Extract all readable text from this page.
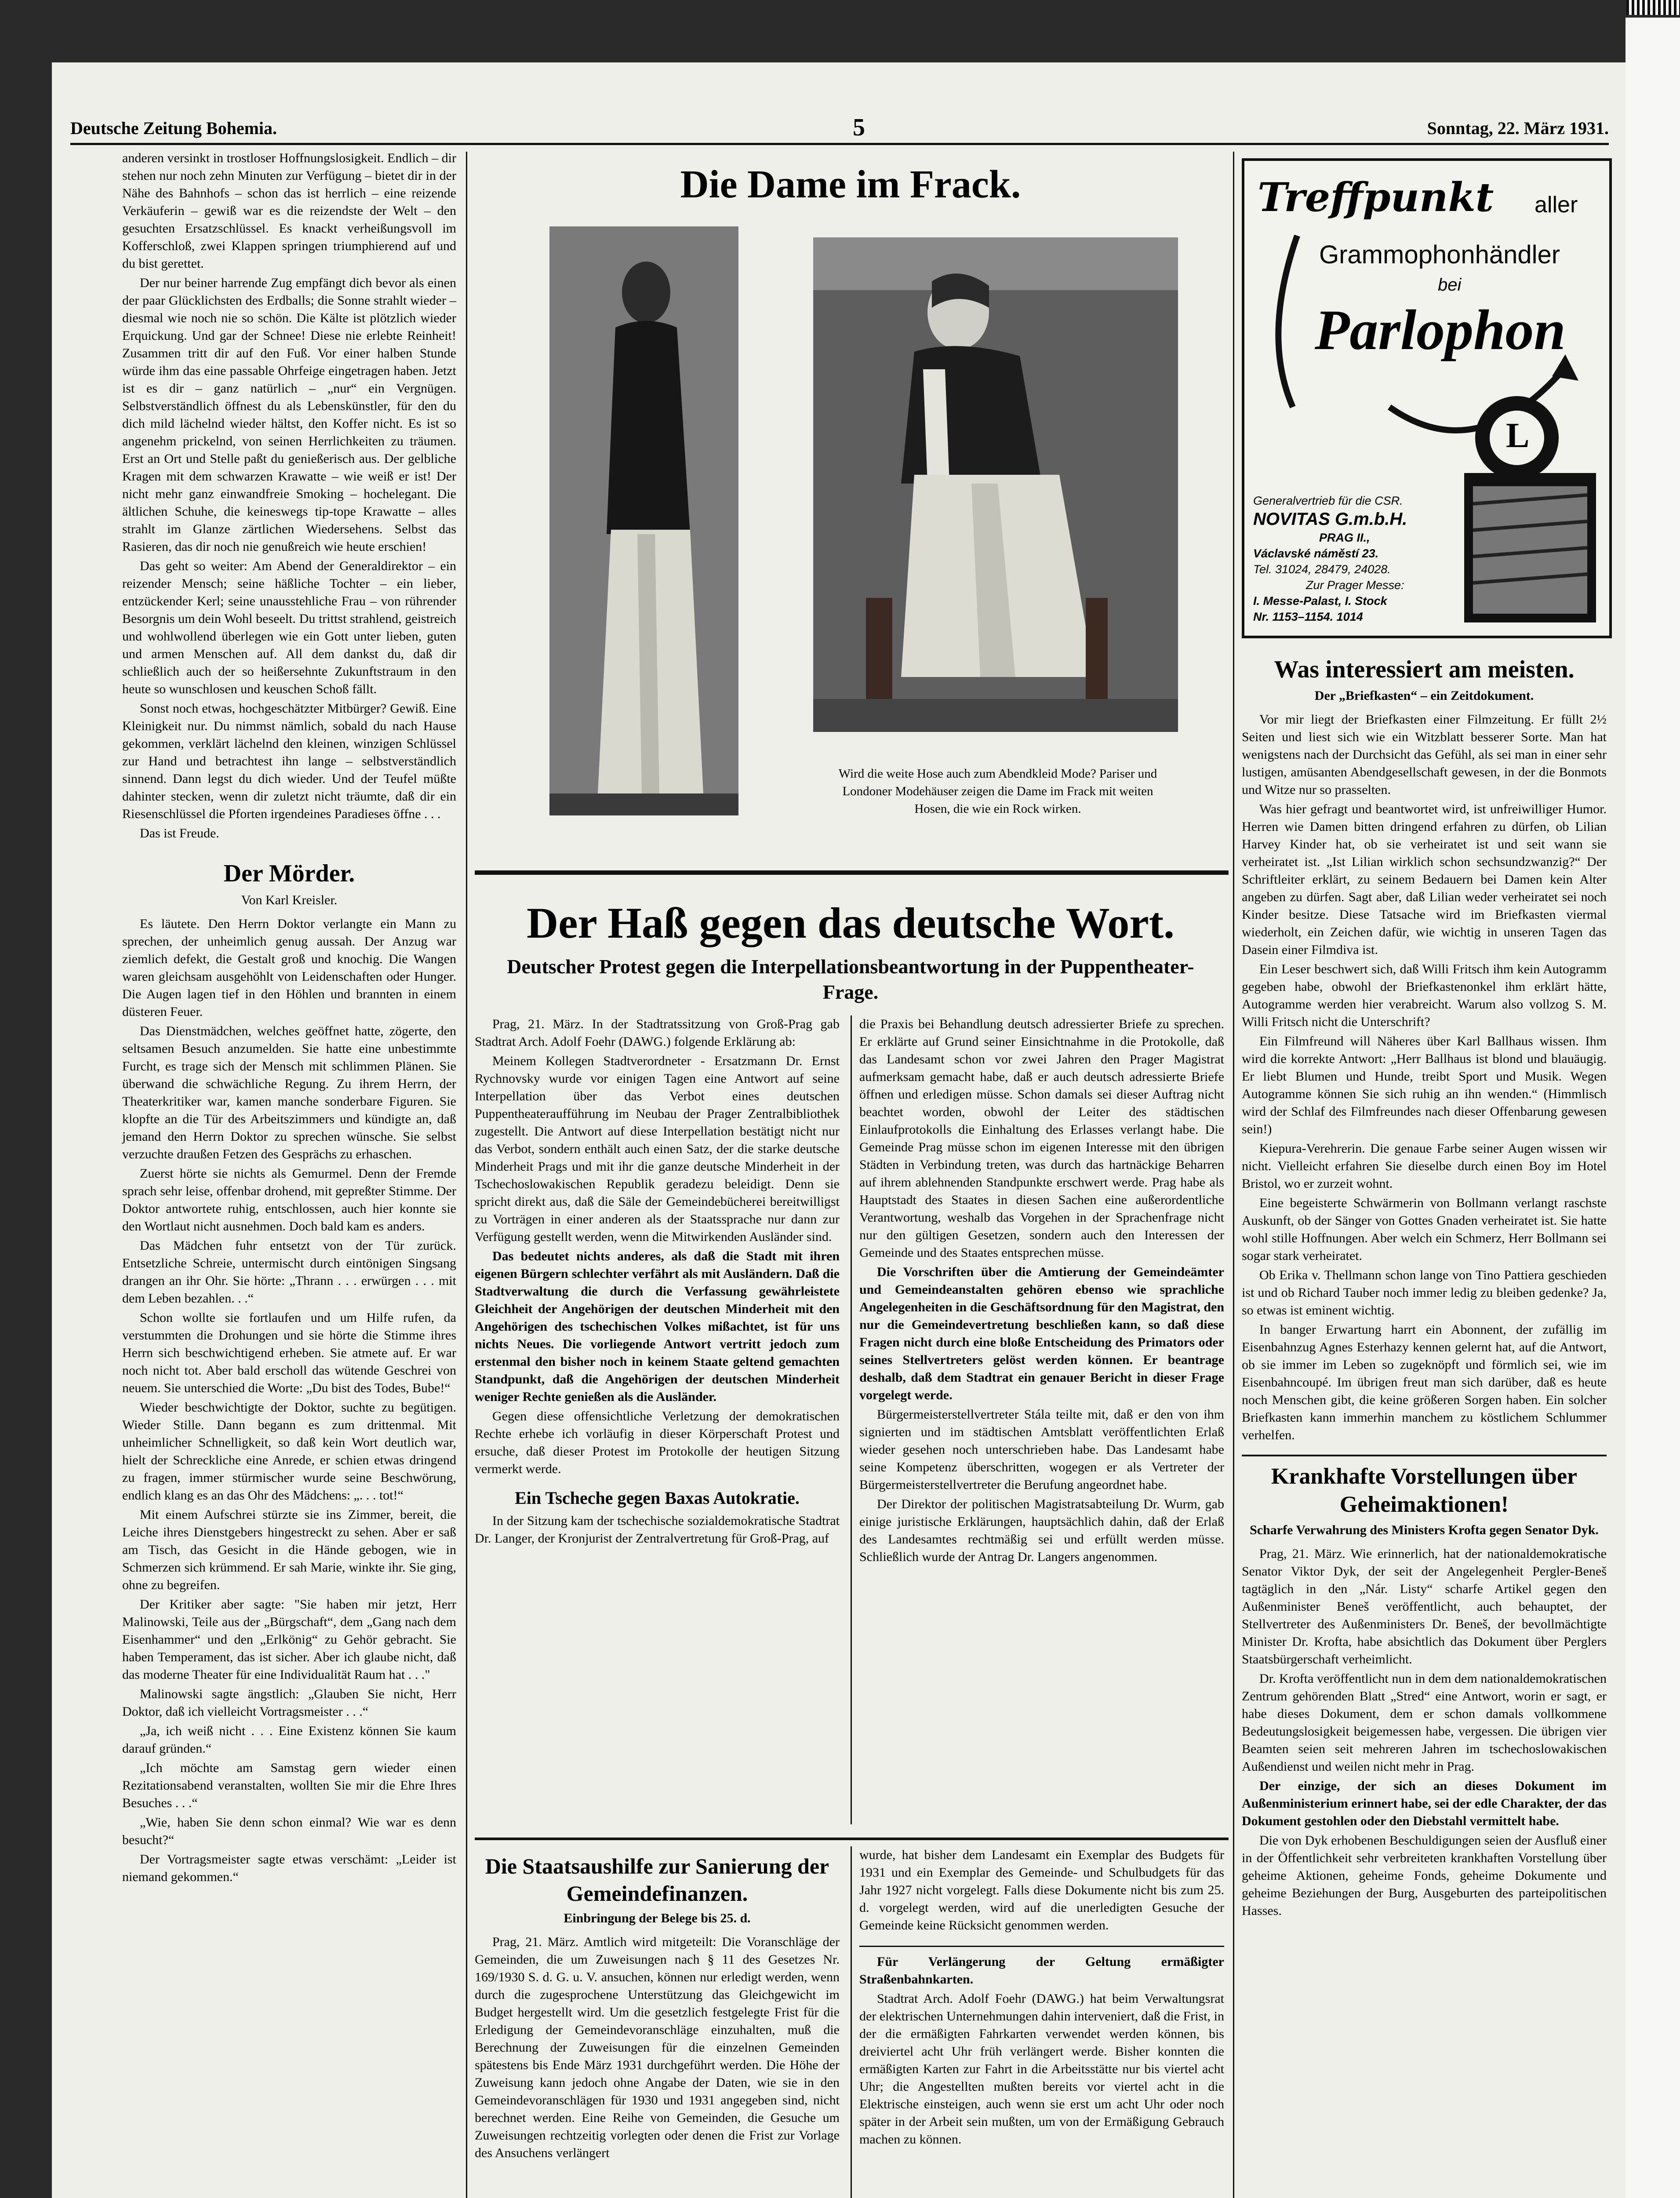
Deutsche Zeitung Bohemia.	5	Sonntag, 22. März 1931.

anderen versinkt in trostloser Hoffnungslosigkeit. Endlich – dir stehen nur noch zehn Minuten zur Verfügung – bietet dir in der Nähe des Bahnhofs – schon das ist herrlich – eine reizende Verkäuferin – gewiß war es die reizendste der Welt – den gesuchten Ersatzschlüssel. Es knackt verheißungsvoll im Kofferschloß, zwei Klappen springen triumphierend auf und du bist gerettet.

Der nur beiner harrende Zug empfängt dich bevor als einen der paar Glücklichsten des Erdballs; die Sonne strahlt wieder – diesmal wie noch nie so schön. Die Kälte ist plötzlich wieder Erquickung. Und gar der Schnee! Diese nie erlebte Reinheit! Zusammen tritt dir auf den Fuß. Vor einer halben Stunde würde ihm das eine passable Ohrfeige eingetragen haben. Jetzt ist es dir – ganz natürlich – „nur“ ein Vergnügen. Selbstverständlich öffnest du als Lebenskünstler, für den du dich mild lächelnd wieder hältst, den Koffer nicht. Es ist so angenehm prickelnd, von seinen Herrlichkeiten zu träumen. Erst an Ort und Stelle paßt du genießerisch aus. Der gelbliche Kragen mit dem schwarzen Krawatte – wie weiß er ist! Der nicht mehr ganz einwandfreie Smoking – hochelegant. Die ältlichen Schuhe, die keineswegs tip-tope Krawatte – alles strahlt im Glanze zärtlichen Wiedersehens. Selbst das Rasieren, das dir noch nie genußreich wie heute erschien!

Das geht so weiter: Am Abend der Generaldirektor – ein reizender Mensch; seine häßliche Tochter – ein lieber, entzückender Kerl; seine unausstehliche Frau – von rührender Besorgnis um dein Wohl beseelt. Du trittst strahlend, geistreich und wohlwollend überlegen wie ein Gott unter lieben, guten und armen Menschen auf. All dem dankst du, daß dir schließlich auch der so heißersehnte Zukunftstraum in den heute so wunschlosen und keuschen Schoß fällt.

Sonst noch etwas, hochgeschätzter Mitbürger? Gewiß. Eine Kleinigkeit nur. Du nimmst nämlich, sobald du nach Hause gekommen, verklärt lächelnd den kleinen, winzigen Schlüssel zur Hand und betrachtest ihn lange – selbstverständlich sinnend. Dann legst du dich wieder. Und der Teufel müßte dahinter stecken, wenn dir zuletzt nicht träumte, daß dir ein Riesenschlüssel die Pforten irgendeines Paradieses öffne . . .

Das ist Freude.

Der Mörder.
Von Karl Kreisler.

Es läutete. Den Herrn Doktor verlangte ein Mann zu sprechen, der unheimlich genug aussah. Der Anzug war ziemlich defekt, die Gestalt groß und knochig. Die Wangen waren gleichsam ausgehöhlt von Leidenschaften oder Hunger. Die Augen lagen tief in den Höhlen und brannten in einem düsteren Feuer.

Das Dienstmädchen, welches geöffnet hatte, zögerte, den seltsamen Besuch anzumelden. Sie hatte eine unbestimmte Furcht, es trage sich der Mensch mit schlimmen Plänen. Sie überwand die schwächliche Regung. Zu ihrem Herrn, der Theaterkritiker war, kamen manche sonderbare Figuren. Sie klopfte an die Tür des Arbeitszimmers und kündigte an, daß jemand den Herrn Doktor zu sprechen wünsche. Sie selbst verzuchte draußen Fetzen des Gesprächs zu erhaschen.

Zuerst hörte sie nichts als Gemurmel. Denn der Fremde sprach sehr leise, offenbar drohend, mit gepreßter Stimme. Der Doktor antwortete ruhig, entschlossen, auch hier konnte sie den Wortlaut nicht ausnehmen. Doch bald kam es anders.

Das Mädchen fuhr entsetzt von der Tür zurück. Entsetzliche Schreie, untermischt durch eintönigen Singsang drangen an ihr Ohr. Sie hörte: „Thrann . . . erwürgen . . . mit dem Leben bezahlen. . .“

Schon wollte sie fortlaufen und um Hilfe rufen, da verstummten die Drohungen und sie hörte die Stimme ihres Herrn sich beschwichtigend erheben. Sie atmete auf. Er war noch nicht tot. Aber bald erscholl das wütende Geschrei von neuem. Sie unterschied die Worte: „Du bist des Todes, Bube!“

Wieder beschwichtigte der Doktor, suchte zu begütigen. Wieder Stille. Dann begann es zum drittenmal. Mit unheimlicher Schnelligkeit, so daß kein Wort deutlich war, hielt der Schreckliche eine Anrede, er schien etwas dringend zu fragen, immer stürmischer wurde seine Beschwörung, endlich klang es an das Ohr des Mädchens: „. . . tot!“

Mit einem Aufschrei stürzte sie ins Zimmer, bereit, die Leiche ihres Dienstgebers hingestreckt zu sehen. Aber er saß am Tisch, das Gesicht in die Hände gebogen, wie in Schmerzen sich krümmend. Er sah Marie, winkte ihr. Sie ging, ohne zu begreifen.

Der Kritiker aber sagte: "Sie haben mir jetzt, Herr Malinowski, Teile aus der „Bürgschaft“, dem „Gang nach dem Eisenhammer“ und den „Erlkönig“ zu Gehör gebracht. Sie haben Temperament, das ist sicher. Aber ich glaube nicht, daß das moderne Theater für eine Individualität Raum hat . . ."

Malinowski sagte ängstlich: „Glauben Sie nicht, Herr Doktor, daß ich vielleicht Vortragsmeister . . .“

„Ja, ich weiß nicht . . . Eine Existenz können Sie kaum darauf gründen.“

„Ich möchte am Samstag gern wieder einen Rezitationsabend veranstalten, wollten Sie mir die Ehre Ihres Besuches . . .“

„Wie, haben Sie denn schon einmal? Wie war es denn besucht?“

Der Vortragsmeister sagte etwas verschämt: „Leider ist niemand gekommen.“

Die Dame im Frack.
Wird die weite Hose auch zum Abendkleid Mode? Pariser und Londoner Modehäuser zeigen die Dame im Frack mit weiten Hosen, die wie ein Rock wirken.
Der Haß gegen das deutsche Wort.
Deutscher Protest gegen die Interpellationsbeantwortung in der Puppentheater-Frage.

Prag, 21. März. In der Stadtratssitzung von Groß-Prag gab Stadtrat Arch. Adolf Foehr (DAWG.) folgende Erklärung ab:

Meinem Kollegen Stadtverordneter - Ersatzmann Dr. Ernst Rychnovsky wurde vor einigen Tagen eine Antwort auf seine Interpellation über das Verbot eines deutschen Puppentheateraufführung im Neubau der Prager Zentralbibliothek zugestellt. Die Antwort auf diese Interpellation bestätigt nicht nur das Verbot, sondern enthält auch einen Satz, der die starke deutsche Minderheit Prags und mit ihr die ganze deutsche Minderheit in der Tschechoslowakischen Republik geradezu beleidigt. Denn sie spricht direkt aus, daß die Säle der Gemeindebücherei bereitwilligst zu Vorträgen in einer anderen als der Staatssprache nur dann zur Verfügung gestellt werden, wenn die Mitwirkenden Ausländer sind.

Das bedeutet nichts anderes, als daß die Stadt mit ihren eigenen Bürgern schlechter verfährt als mit Ausländern. Daß die Stadtverwaltung die durch die Verfassung gewährleistete Gleichheit der Angehörigen der deutschen Minderheit mit den Angehörigen des tschechischen Volkes mißachtet, ist für uns nichts Neues. Die vorliegende Antwort vertritt jedoch zum erstenmal den bisher noch in keinem Staate geltend gemachten Standpunkt, daß die Angehörigen der deutschen Minderheit weniger Rechte genießen als die Ausländer.

Gegen diese offensichtliche Verletzung der demokratischen Rechte erhebe ich vorläufig in dieser Körperschaft Protest und ersuche, daß dieser Protest im Protokolle der heutigen Sitzung vermerkt werde.

Ein Tscheche gegen Baxas Autokratie.

In der Sitzung kam der tschechische sozialdemokratische Stadtrat Dr. Langer, der Kronjurist der Zentralvertretung für Groß-Prag, auf

die Praxis bei Behandlung deutsch adressierter Briefe zu sprechen. Er erklärte auf Grund seiner Einsichtnahme in die Protokolle, daß das Landesamt schon vor zwei Jahren den Prager Magistrat aufmerksam gemacht habe, daß er auch deutsch adressierte Briefe öffnen und erledigen müsse. Schon damals sei dieser Auftrag nicht beachtet worden, obwohl der Leiter des städtischen Einlaufprotokolls die Einhaltung des Erlasses verlangt habe. Die Gemeinde Prag müsse schon im eigenen Interesse mit den übrigen Städten in Verbindung treten, was durch das hartnäckige Beharren auf ihrem ablehnenden Standpunkte erschwert werde. Prag habe als Hauptstadt des Staates in diesen Sachen eine außerordentliche Verantwortung, weshalb das Vorgehen in der Sprachenfrage nicht nur den gültigen Gesetzen, sondern auch den Interessen der Gemeinde und des Staates entsprechen müsse.

Die Vorschriften über die Amtierung der Gemeindeämter und Gemeindeanstalten gehören ebenso wie sprachliche Angelegenheiten in die Geschäftsordnung für den Magistrat, den nur die Gemeindevertretung beschließen kann, so daß diese Fragen nicht durch eine bloße Entscheidung des Primators oder seines Stellvertreters gelöst werden können. Er beantrage deshalb, daß dem Stadtrat ein genauer Bericht in dieser Frage vorgelegt werde.

Bürgermeisterstellvertreter Stála teilte mit, daß er den von ihm signierten und im städtischen Amtsblatt veröffentlichten Erlaß wieder gesehen noch unterschrieben habe. Das Landesamt habe seine Kompetenz überschritten, wogegen er als Vertreter der Bürgermeisterstellvertreter die Berufung angeordnet habe.

Der Direktor der politischen Magistratsabteilung Dr. Wurm, gab einige juristische Erklärungen, hauptsächlich dahin, daß der Erlaß des Landesamtes rechtmäßig sei und erfüllt werden müsse. Schließlich wurde der Antrag Dr. Langers angenommen.

Die Staatsaushilfe zur Sanierung der Gemeindefinanzen.
Einbringung der Belege bis 25. d.

Prag, 21. März. Amtlich wird mitgeteilt: Die Voranschläge der Gemeinden, die um Zuweisungen nach § 11 des Gesetzes Nr. 169/1930 S. d. G. u. V. ansuchen, können nur erledigt werden, wenn durch die zugesprochene Unterstützung das Gleichgewicht im Budget hergestellt wird. Um die gesetzlich festgelegte Frist für die Erledigung der Gemeindevoranschläge einzuhalten, muß die Berechnung der Zuweisungen für die einzelnen Gemeinden spätestens bis Ende März 1931 durchgeführt werden. Die Höhe der Zuweisung kann jedoch ohne Angabe der Daten, wie sie in den Gemeindevoranschlägen für 1930 und 1931 angegeben sind, nicht berechnet werden. Eine Reihe von Gemeinden, die Gesuche um Zuweisungen rechtzeitig vorlegten oder denen die Frist zur Vorlage des Ansuchens verlängert

wurde, hat bisher dem Landesamt ein Exemplar des Budgets für 1931 und ein Exemplar des Gemeinde- und Schulbudgets für das Jahr 1927 nicht vorgelegt. Falls diese Dokumente nicht bis zum 25. d. vorgelegt werden, wird auf die unerledigten Gesuche der Gemeinde keine Rücksicht genommen werden.

Für Verlängerung der Geltung ermäßigter Straßenbahnkarten.

Stadtrat Arch. Adolf Foehr (DAWG.) hat beim Verwaltungsrat der elektrischen Unternehmungen dahin interveniert, daß die Frist, in der die ermäßigten Fahrkarten verwendet werden können, bis dreiviertel acht Uhr früh verlängert werde. Bisher konnten die ermäßigten Karten zur Fahrt in die Arbeitsstätte nur bis viertel acht Uhr; die Angestellten mußten bereits vor viertel acht in die Elektrische einsteigen, auch wenn sie erst um acht Uhr oder noch später in der Arbeit sein mußten, um von der Ermäßigung Gebrauch machen zu können.

Treffpunkt aller
Grammophonhändler
bei
Parlophon
L
Generalvertrieb für die CSR.
NOVITAS G.m.b.H.
PRAG II.,
Václavské náměstí 23.
Tel. 31024, 28479, 24028.
Zur Prager Messe:
I. Messe-Palast, I. Stock
Nr. 1153–1154. 1014
Was interessiert am meisten.
Der „Briefkasten“ – ein Zeitdokument.

Vor mir liegt der Briefkasten einer Filmzeitung. Er füllt 2½ Seiten und liest sich wie ein Witzblatt besserer Sorte. Man hat wenigstens nach der Durchsicht das Gefühl, als sei man in einer sehr lustigen, amüsanten Abendgesellschaft gewesen, in der die Bonmots und Witze nur so prasselten.

Was hier gefragt und beantwortet wird, ist unfreiwilliger Humor. Herren wie Damen bitten dringend erfahren zu dürfen, ob Lilian Harvey Kinder hat, ob sie verheiratet ist und seit wann sie verheiratet ist. „Ist Lilian wirklich schon sechsundzwanzig?“ Der Schriftleiter erklärt, zu seinem Bedauern bei Damen kein Alter angeben zu dürfen. Sagt aber, daß Lilian weder verheiratet sei noch Kinder besitze. Diese Tatsache wird im Briefkasten viermal wiederholt, ein Zeichen dafür, wie wichtig in unseren Tagen das Dasein einer Filmdiva ist.

Ein Leser beschwert sich, daß Willi Fritsch ihm kein Autogramm gegeben habe, obwohl der Briefkastenonkel ihm erklärt hätte, Autogramme werden hier verabreicht. Warum also vollzog S. M. Willi Fritsch nicht die Unterschrift?

Ein Filmfreund will Näheres über Karl Ballhaus wissen. Ihm wird die korrekte Antwort: „Herr Ballhaus ist blond und blauäugig. Er liebt Blumen und Hunde, treibt Sport und Musik. Wegen Autogramme können Sie sich ruhig an ihn wenden.“ (Himmlisch wird der Schlaf des Filmfreundes nach dieser Offenbarung gewesen sein!)

Kiepura-Verehrerin. Die genaue Farbe seiner Augen wissen wir nicht. Vielleicht erfahren Sie dieselbe durch einen Boy im Hotel Bristol, wo er zurzeit wohnt.

Eine begeisterte Schwärmerin von Bollmann verlangt raschste Auskunft, ob der Sänger von Gottes Gnaden verheiratet ist. Sie hatte wohl stille Hoffnungen. Aber welch ein Schmerz, Herr Bollmann sei sogar stark verheiratet.

Ob Erika v. Thellmann schon lange von Tino Pattiera geschieden ist und ob Richard Tauber noch immer ledig zu bleiben gedenke? Ja, so etwas ist eminent wichtig.

In banger Erwartung harrt ein Abonnent, der zufällig im Eisenbahnzug Agnes Esterhazy kennen gelernt hat, auf die Antwort, ob sie immer im Leben so zugeknöpft und förmlich sei, wie im Eisenbahncoupé. Im übrigen freut man sich darüber, daß es heute noch Menschen gibt, die keine größeren Sorgen haben. Ein solcher Briefkasten kann immerhin manchem zu köstlichem Schlummer verhelfen.

Krankhafte Vorstellungen über Geheimaktionen!
Scharfe Verwahrung des Ministers Krofta gegen Senator Dyk.

Prag, 21. März. Wie erinnerlich, hat der nationaldemokratische Senator Viktor Dyk, der seit der Angelegenheit Pergler-Beneš tagtäglich in den „Nár. Listy“ scharfe Artikel gegen den Außenminister Beneš veröffentlicht, auch behauptet, der Stellvertreter des Außenministers Dr. Beneš, der bevollmächtigte Minister Dr. Krofta, habe absichtlich das Dokument über Perglers Staatsbürgerschaft verheimlicht.

Dr. Krofta veröffentlicht nun in dem dem nationaldemokratischen Zentrum gehörenden Blatt „Stred“ eine Antwort, worin er sagt, er habe dieses Dokument, dem er schon damals vollkommene Bedeutungslosigkeit beigemessen habe, vergessen. Die übrigen vier Beamten seien seit mehreren Jahren im tschechoslowakischen Außendienst und weilen nicht mehr in Prag.

Der einzige, der sich an dieses Dokument im Außenministerium erinnert habe, sei der edle Charakter, der das Dokument gestohlen oder den Diebstahl vermittelt habe.

Die von Dyk erhobenen Beschuldigungen seien der Ausfluß einer in der Öffentlichkeit sehr verbreiteten krankhaften Vorstellung über geheime Aktionen, geheime Fonds, geheime Dokumente und geheime Beziehungen der Burg, Ausgeburten des parteipolitischen Hasses.
